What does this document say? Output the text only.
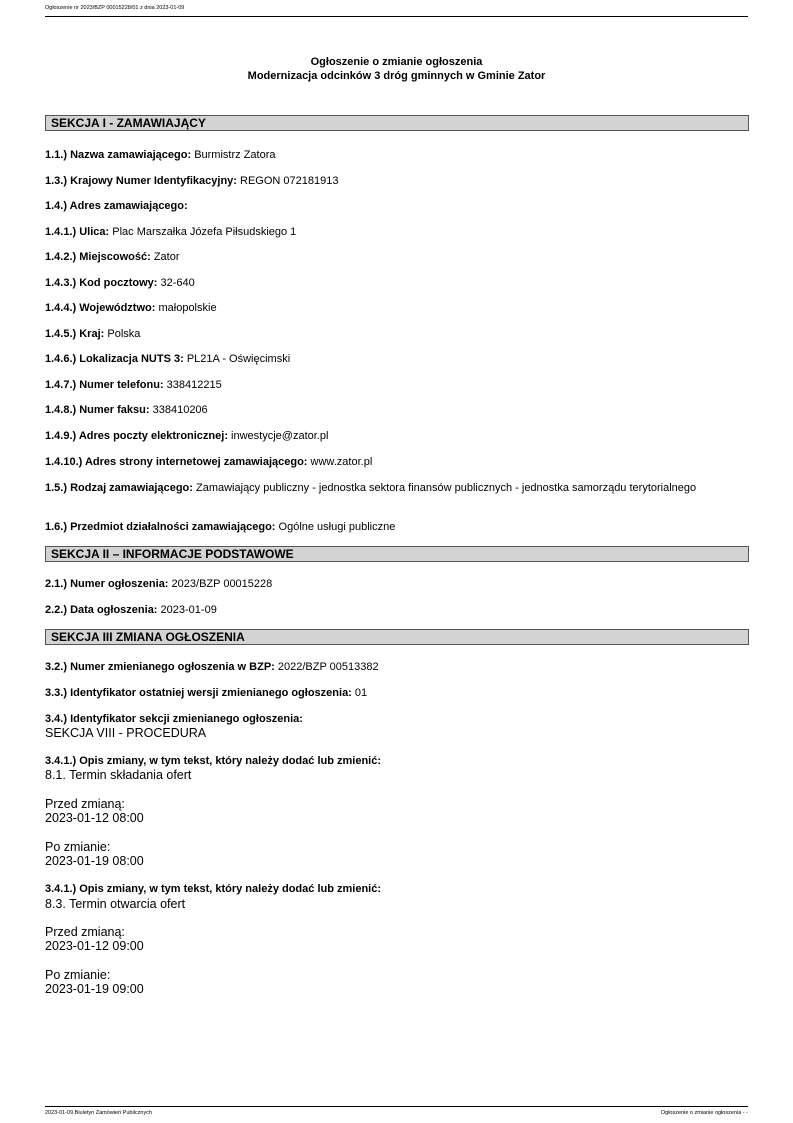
Ogłoszenie nr 2023/BZP 00015228/01 z dnia 2023-01-09
Ogłoszenie o zmianie ogłoszenia
Modernizacja odcinków 3 dróg gminnych w Gminie Zator
SEKCJA I - ZAMAWIAJĄCY
1.1.) Nazwa zamawiającego: Burmistrz Zatora
1.3.) Krajowy Numer Identyfikacyjny: REGON 072181913
1.4.) Adres zamawiającego:
1.4.1.) Ulica: Plac Marszałka Józefa Piłsudskiego 1
1.4.2.) Miejscowość: Zator
1.4.3.) Kod pocztowy: 32-640
1.4.4.) Województwo: małopolskie
1.4.5.) Kraj: Polska
1.4.6.) Lokalizacja NUTS 3: PL21A - Oświęcimski
1.4.7.) Numer telefonu: 338412215
1.4.8.) Numer faksu: 338410206
1.4.9.) Adres poczty elektronicznej: inwestycje@zator.pl
1.4.10.) Adres strony internetowej zamawiającego: www.zator.pl
1.5.) Rodzaj zamawiającego: Zamawiający publiczny - jednostka sektora finansów publicznych - jednostka samorządu terytorialnego
1.6.) Przedmiot działalności zamawiającego: Ogólne usługi publiczne
SEKCJA II – INFORMACJE PODSTAWOWE
2.1.) Numer ogłoszenia: 2023/BZP 00015228
2.2.) Data ogłoszenia: 2023-01-09
SEKCJA III ZMIANA OGŁOSZENIA
3.2.) Numer zmienianego ogłoszenia w BZP: 2022/BZP 00513382
3.3.) Identyfikator ostatniej wersji zmienianego ogłoszenia: 01
3.4.) Identyfikator sekcji zmienianego ogłoszenia:
SEKCJA VIII - PROCEDURA
3.4.1.) Opis zmiany, w tym tekst, który należy dodać lub zmienić:
8.1. Termin składania ofert
Przed zmianą:
2023-01-12 08:00
Po zmianie:
2023-01-19 08:00
3.4.1.) Opis zmiany, w tym tekst, który należy dodać lub zmienić:
8.3. Termin otwarcia ofert
Przed zmianą:
2023-01-12 09:00
Po zmianie:
2023-01-19 09:00
2023-01-09 Biuletyn Zamówień Publicznych	Ogłoszenie o zmianie ogłoszenia - -
